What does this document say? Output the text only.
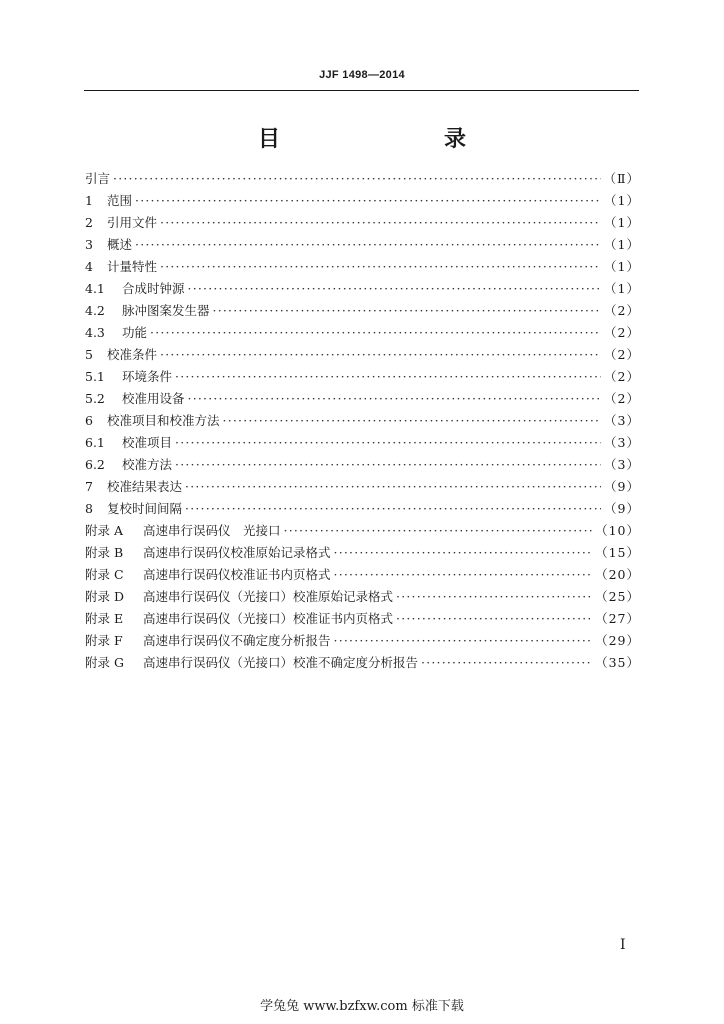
JJF 1498—2014
目　　录
引言 ·····	（Ⅱ）
1	范围 ·····	（1）
2	引用文件 ·····	（1）
3	概述 ·····	（1）
4	计量特性 ·····	（1）
4.1	合成时钟源 ·····	（1）
4.2	脉冲图案发生器 ·····	（2）
4.3	功能 ·····	（2）
5	校准条件 ·····	（2）
5.1	环境条件 ·····	（2）
5.2	校准用设备 ·····	（2）
6	校准项目和校准方法 ·····	（3）
6.1	校准项目 ·····	（3）
6.2	校准方法 ·····	（3）
7	校准结果表达 ·····	（9）
8	复校时间间隔 ·····	（9）
附录 A	高速串行误码仪　光接口 ·····	（10）
附录 B	高速串行误码仪校准原始记录格式 ·····	（15）
附录 C	高速串行误码仪校准证书内页格式 ·····	（20）
附录 D	高速串行误码仪（光接口）校准原始记录格式 ·····	（25）
附录 E	高速串行误码仪（光接口）校准证书内页格式 ·····	（27）
附录 F	高速串行误码仪不确定度分析报告 ·····	（29）
附录 G	高速串行误码仪（光接口）校准不确定度分析报告 ·····	（35）
I
学兔兔 www.bzfxw.com 标准下载
